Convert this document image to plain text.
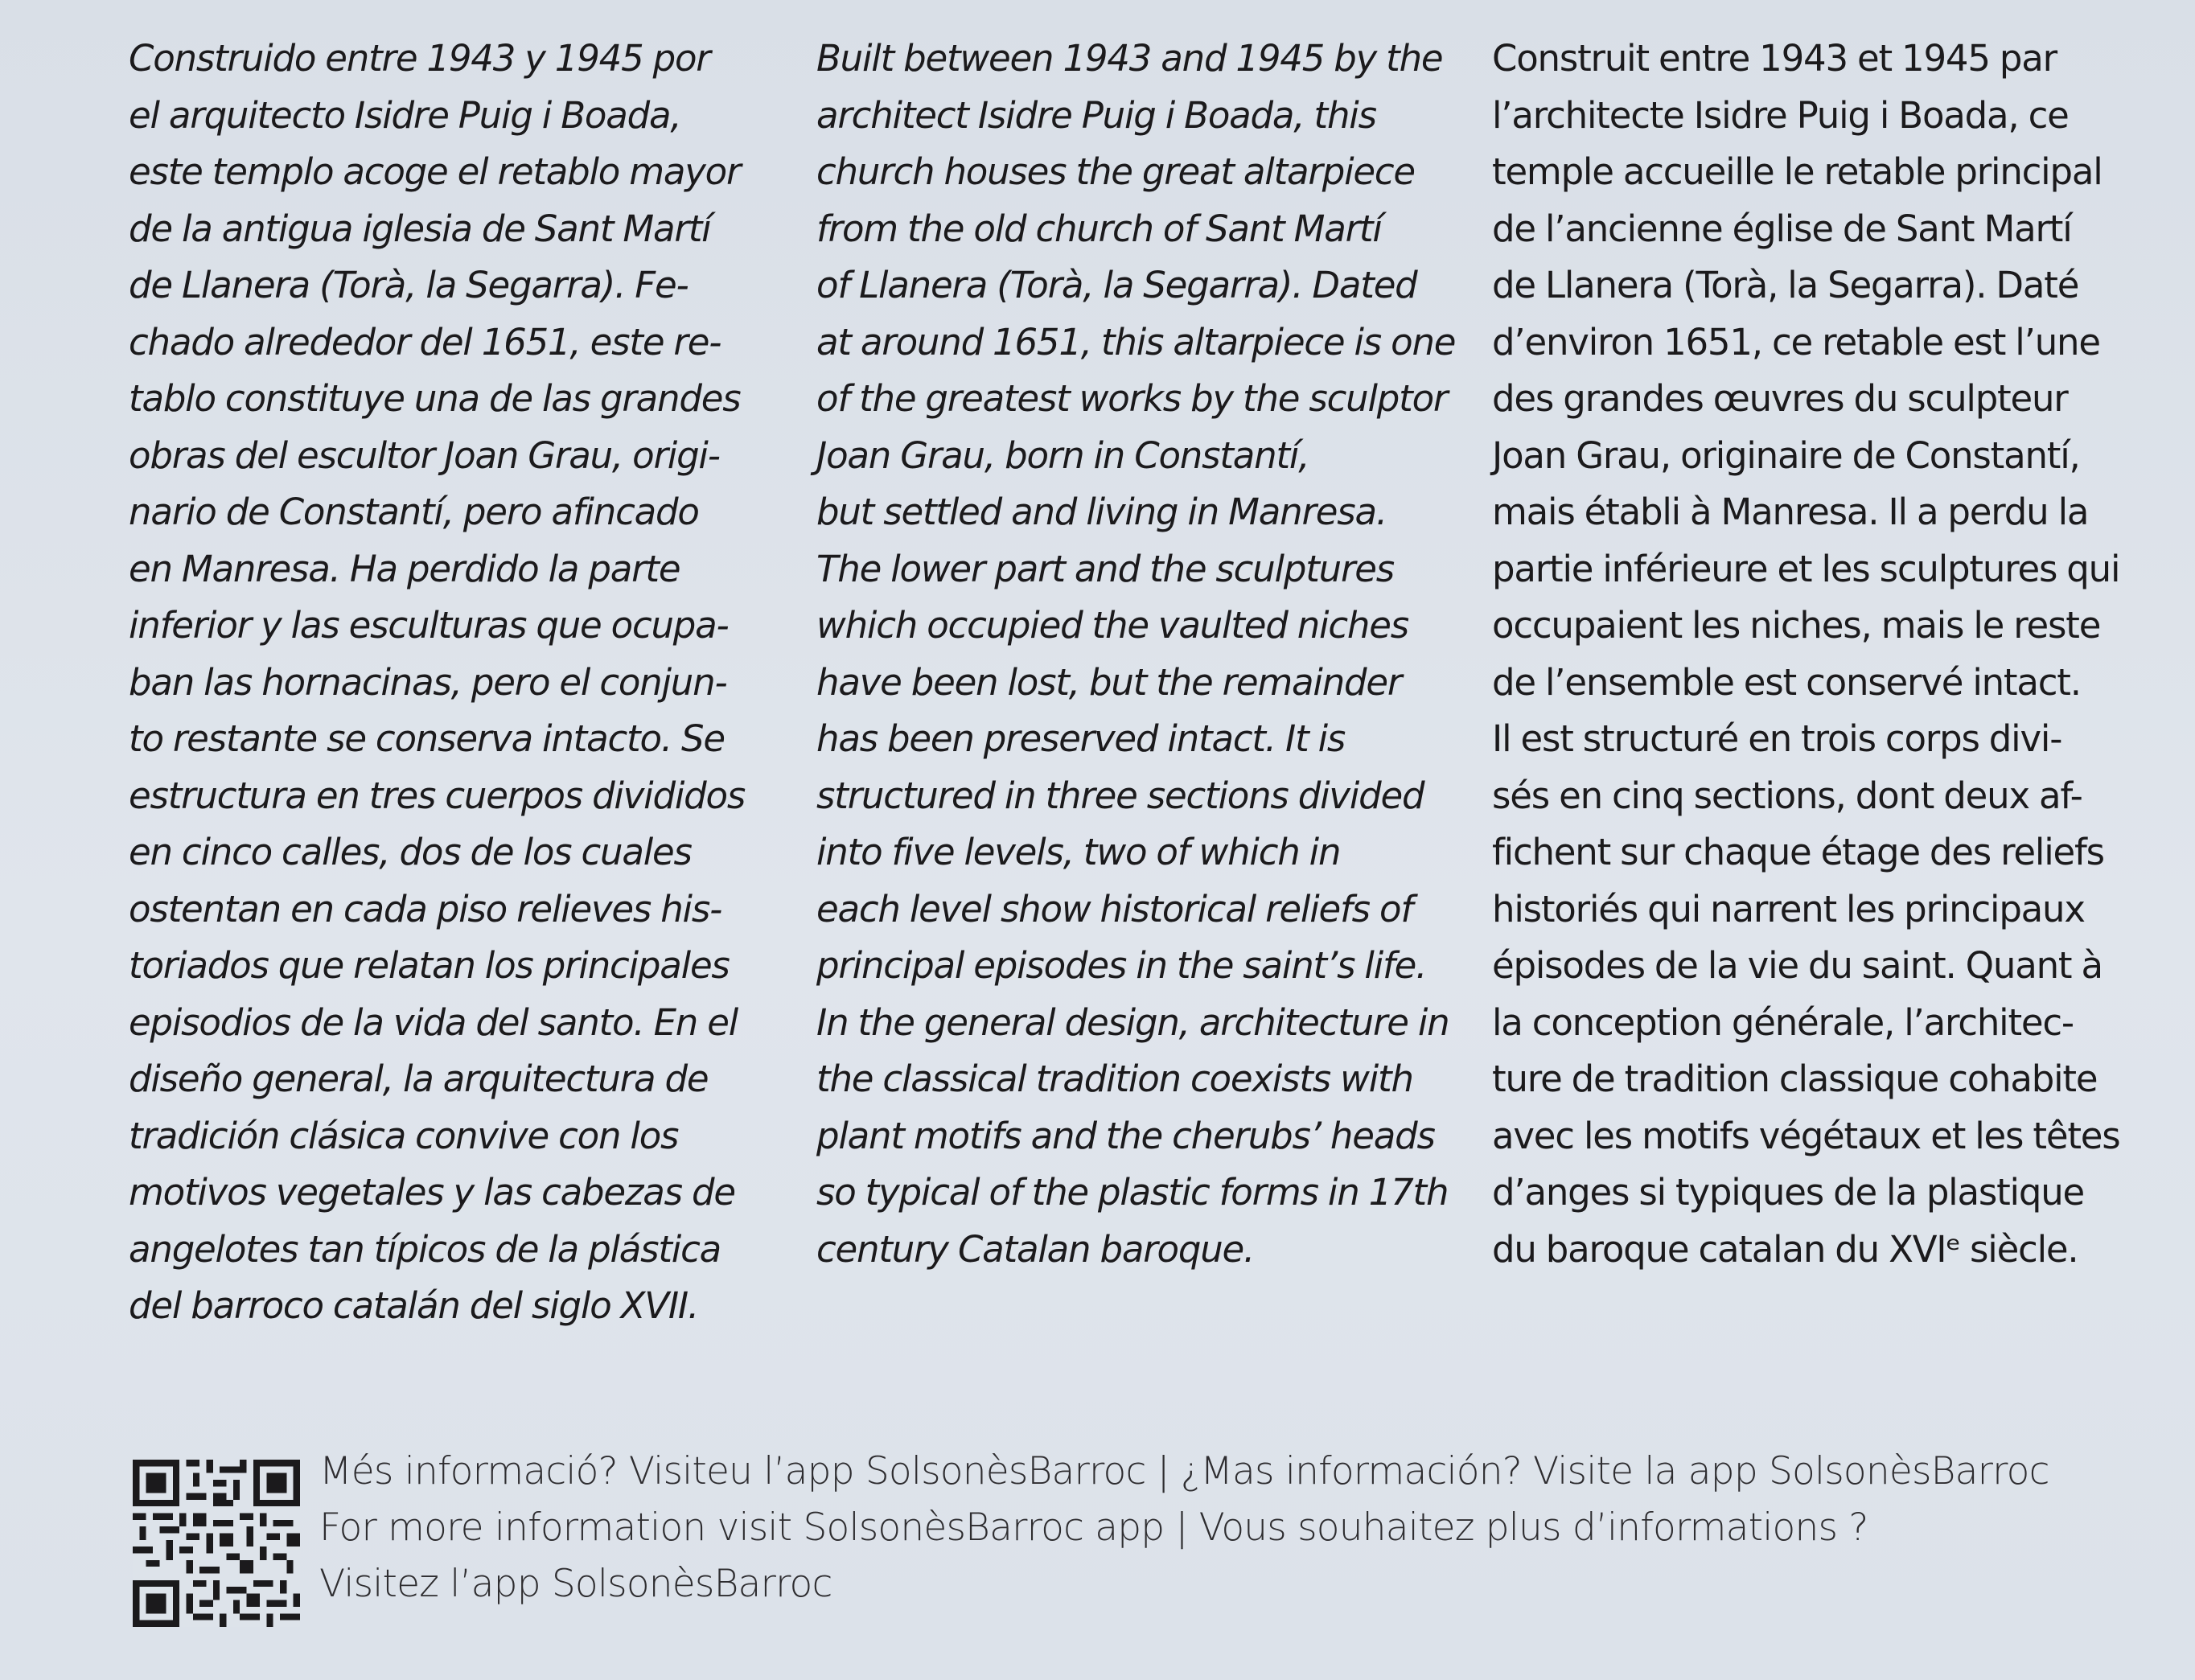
Construido entre 1943 y 1945 por
el arquitecto Isidre Puig i Boada,
este templo acoge el retablo mayor
de la antigua iglesia de Sant Martí
de Llanera (Torà, la Segarra). Fe-
chado alrededor del 1651, este re-
tablo constituye una de las grandes
obras del escultor Joan Grau, origi-
nario de Constantí, pero afincado
en Manresa. Ha perdido la parte
inferior y las esculturas que ocupa-
ban las hornacinas, pero el conjun-
to restante se conserva intacto. Se
estructura en tres cuerpos divididos
en cinco calles, dos de los cuales
ostentan en cada piso relieves his-
toriados que relatan los principales
episodios de la vida del santo. En el
diseño general, la arquitectura de
tradición clásica convive con los
motivos vegetales y las cabezas de
angelotes tan típicos de la plástica
del barroco catalán del siglo XVII.
Built between 1943 and 1945 by the
architect Isidre Puig i Boada, this
church houses the great altarpiece
from the old church of Sant Martí
of Llanera (Torà, la Segarra). Dated
at around 1651, this altarpiece is one
of the greatest works by the sculptor
Joan Grau, born in Constantí,
but settled and living in Manresa.
The lower part and the sculptures
which occupied the vaulted niches
have been lost, but the remainder
has been preserved intact. It is
structured in three sections divided
into five levels, two of which in
each level show historical reliefs of
principal episodes in the saint’s life.
In the general design, architecture in
the classical tradition coexists with
plant motifs and the cherubs’ heads
so typical of the plastic forms in 17th
century Catalan baroque.
Construit entre 1943 et 1945 par
l’architecte Isidre Puig i Boada, ce
temple accueille le retable principal
de l’ancienne église de Sant Martí
de Llanera (Torà, la Segarra). Daté
d’environ 1651, ce retable est l’une
des grandes œuvres du sculpteur
Joan Grau, originaire de Constantí,
mais établi à Manresa. Il a perdu la
partie inférieure et les sculptures qui
occupaient les niches, mais le reste
de l’ensemble est conservé intact.
Il est structuré en trois corps divi-
sés en cinq sections, dont deux af-
fichent sur chaque étage des reliefs
historiés qui narrent les principaux
épisodes de la vie du saint. Quant à
la conception générale, l’architec-
ture de tradition classique cohabite
avec les motifs végétaux et les têtes
d’anges si typiques de la plastique
du baroque catalan du XVIᵉ siècle.
Més informació? Visiteu l’app SolsonèsBarroc | ¿Mas información? Visite la app SolsonèsBarroc
For more information visit SolsonèsBarroc app | Vous souhaitez plus d’informations ?
Visitez l’app SolsonèsBarroc
